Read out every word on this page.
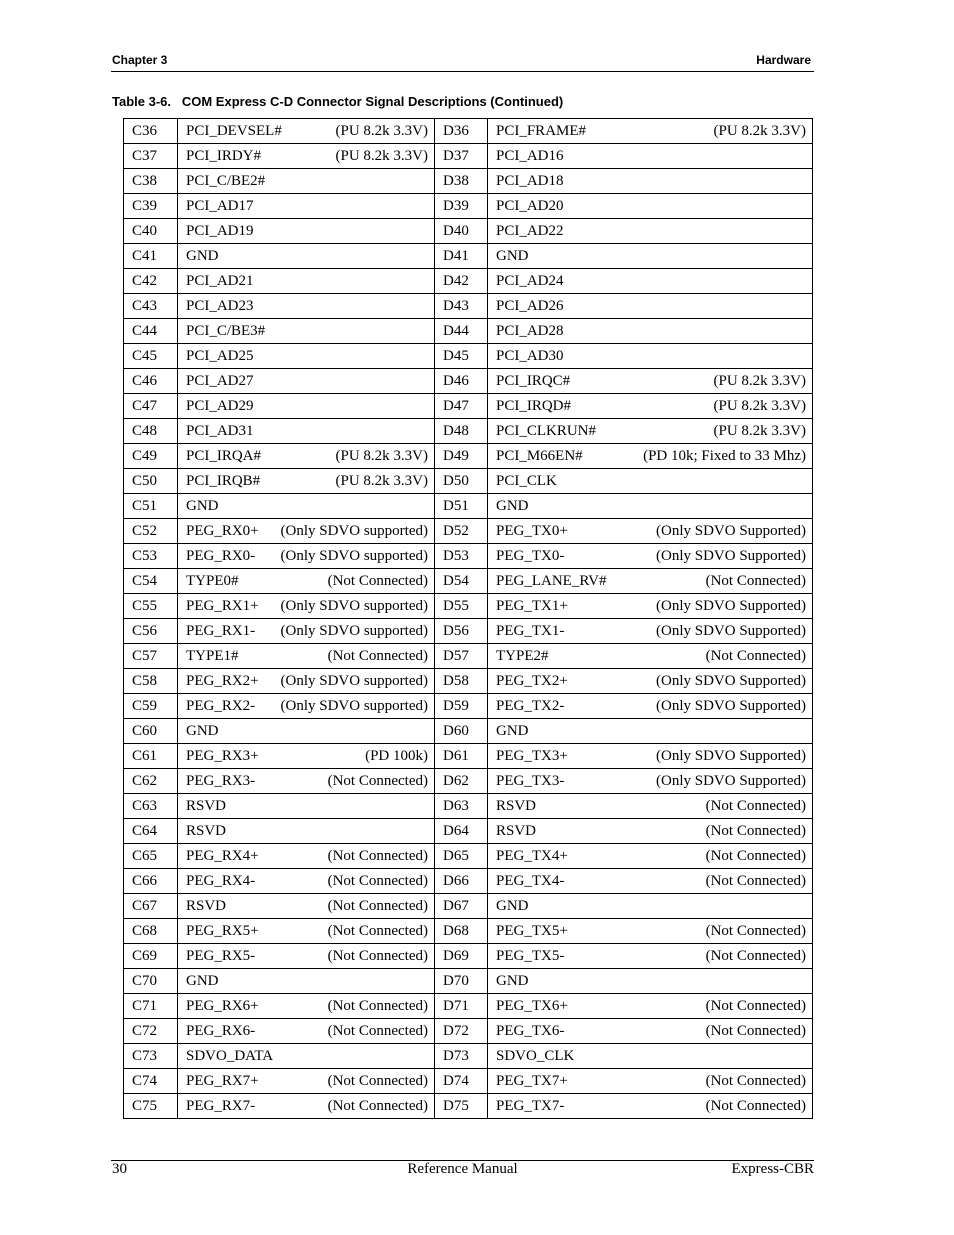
Chapter 3	Hardware
Table 3-6. COM Express C-D Connector Signal Descriptions (Continued)
C36	PCI_DEVSEL# (PU 8.2k 3.3V)	D36	PCI_FRAME# (PU 8.2k 3.3V)

C37	PCI_IRDY# (PU 8.2k 3.3V)	D37	PCI_AD16

C38	PCI_C/BE2#	D38	PCI_AD18

C39	PCI_AD17	D39	PCI_AD20

C40	PCI_AD19	D40	PCI_AD22

C41	GND	D41	GND

C42	PCI_AD21	D42	PCI_AD24

C43	PCI_AD23	D43	PCI_AD26

C44	PCI_C/BE3#	D44	PCI_AD28

C45	PCI_AD25	D45	PCI_AD30

C46	PCI_AD27	D46	PCI_IRQC# (PU 8.2k 3.3V)

C47	PCI_AD29	D47	PCI_IRQD# (PU 8.2k 3.3V)

C48	PCI_AD31	D48	PCI_CLKRUN# (PU 8.2k 3.3V)

C49	PCI_IRQA# (PU 8.2k 3.3V)	D49	PCI_M66EN# (PD 10k; Fixed to 33 Mhz)

C50	PCI_IRQB# (PU 8.2k 3.3V)	D50	PCI_CLK

C51	GND	D51	GND

C52	PEG_RX0+ (Only SDVO supported)	D52	PEG_TX0+ (Only SDVO Supported)

C53	PEG_RX0- (Only SDVO supported)	D53	PEG_TX0- (Only SDVO Supported)

C54	TYPE0# (Not Connected)	D54	PEG_LANE_RV# (Not Connected)

C55	PEG_RX1+ (Only SDVO supported)	D55	PEG_TX1+ (Only SDVO Supported)

C56	PEG_RX1- (Only SDVO supported)	D56	PEG_TX1- (Only SDVO Supported)

C57	TYPE1# (Not Connected)	D57	TYPE2# (Not Connected)

C58	PEG_RX2+ (Only SDVO supported)	D58	PEG_TX2+ (Only SDVO Supported)

C59	PEG_RX2- (Only SDVO supported)	D59	PEG_TX2- (Only SDVO Supported)

C60	GND	D60	GND

C61	PEG_RX3+ (PD 100k)	D61	PEG_TX3+ (Only SDVO Supported)

C62	PEG_RX3- (Not Connected)	D62	PEG_TX3- (Only SDVO Supported)

C63	RSVD	D63	RSVD (Not Connected)

C64	RSVD	D64	RSVD (Not Connected)

C65	PEG_RX4+ (Not Connected)	D65	PEG_TX4+ (Not Connected)

C66	PEG_RX4- (Not Connected)	D66	PEG_TX4- (Not Connected)

C67	RSVD (Not Connected)	D67	GND

C68	PEG_RX5+ (Not Connected)	D68	PEG_TX5+ (Not Connected)

C69	PEG_RX5- (Not Connected)	D69	PEG_TX5- (Not Connected)

C70	GND	D70	GND

C71	PEG_RX6+ (Not Connected)	D71	PEG_TX6+ (Not Connected)

C72	PEG_RX6- (Not Connected)	D72	PEG_TX6- (Not Connected)

C73	SDVO_DATA	D73	SDVO_CLK

C74	PEG_RX7+ (Not Connected)	D74	PEG_TX7+ (Not Connected)

C75	PEG_RX7- (Not Connected)	D75	PEG_TX7- (Not Connected)
30	Reference Manual	Express-CBR
